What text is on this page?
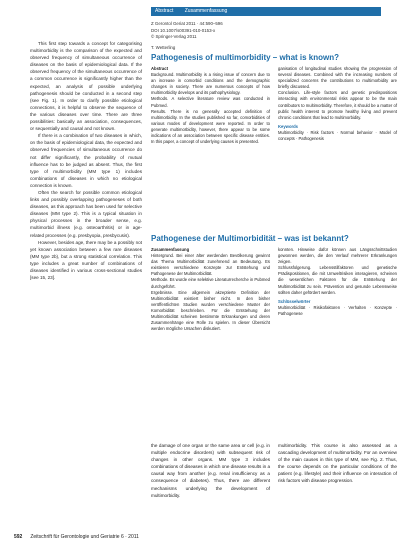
This first step towards a concept for categorising multimorbidity is the comparison of the expected and observed frequency of simultaneous occurrence of diseases on the basis of epidemiological data. If the observed frequency of the simultaneous occurrence of a common occurrence is significantly higher than the expected, an analysis of possible underlying pathogenesis should be conducted in a second step (see Fig. 1). In order to clarify possible etiological connections, it is helpful to observe the sequence of the various diseases over time. There are three possibilities: basically an association, consequences, or sequentially and causal and not known.

If there is a combination of two diseases in which, on the basis of epidemiological data, the expected and observed frequencies of simultaneous occurrence do not differ significantly, the probability of mutual influence has to be judged as absent. Thus, the first type of multimorbidity (MM type 1) includes combinations of diseases in which no etiological connection is known.

Often the search for possible common etiological links and possibly overlapping pathogeneses of both diseases, as this approach has been used for selective diseases (MM type 2). This is a typical situation in physical processes in the broader sense, e.g. multimorbid illness (e.g. osteoarthritis) or in age-related processes (e.g. presbyopia, presbycusis).

However, besides age, there may be a possibly not yet known association between a few rare diseases (MM type 2b), but a strong statistical correlation. This type includes a great number of combinations of diseases identified in various cross-sectional studies [see 15, 23].

Abstract Zusammenfassung
Z Gerontol Geriat 2011 · 44:590–596
DOI 10.1007/s00391-010-0153-x
© Springer-Verlag 2011
T. Wetterling
Pathogenesis of multimorbidity – what is known?

Abstract

Background. Multimorbidity is a rising issue of concern due to an increase in comorbid conditions and the demographic changes in society. There are numerous concepts of how multimorbidity develops and its pathophysiology.

Methods. A selective literature review was conducted in Pubmed.

Results. There is no generally accepted definition of multimorbidity. In the studies published so far, comorbidities of various modes of development were reported. In order to generate multimorbidity, however, there appear to be some indications of an association between specific disease entities. In this paper, a concept of underlying causes is presented.

ganisation of longitudinal studies showing the progression of several diseases. Combined with the increasing numbers of specialized concerns the contributions to multimorbidity are briefly discussed.

Conclusion. Life-style factors and genetic predispositions interacting with environmental risks appear to be the main contributors to multimorbidity. Therefore, it should be a matter of public health interest to promote healthy living and prevent chronic conditions that lead to multimorbidity.

Keywords

Multimorbidity · Risk factors · Normal behavior · Model of concepts · Pathogenesis

Pathogenese der Multimorbidität – was ist bekannt?

Zusammenfassung

Hintergrund. Bei einer älter werdenden Bevölkerung gewinnt das Thema Multimorbidität zunehmend an Bedeutung. Es existieren verschiedene Konzepte zur Entstehung und Pathogenese der Multimorbidität.

Methode. Es wurde eine selektive Literaturrecherche in Pubmed durchgeführt.

Ergebnisse. Eine allgemein akzeptierte Definition der Multimorbidität existiert bisher nicht. In den bisher veröffentlichten Studien wurden verschiedene Muster der Komorbidität beschrieben. Für die Entstehung der Multimorbidität scheinen bestimmte Erkrankungen und deren Zusammenhänge eine Rolle zu spielen. In dieser Übersicht werden mögliche Ursachen diskutiert.

konnten. Hinweise dafür können aus Längsschnittstudien gewonnen werden, die den Verlauf mehrerer Erkrankungen zeigen.

Schlussfolgerung. Lebensstilfaktoren und genetische Prädispositionen, die mit Umweltrisiken interagieren, scheinen die wesentlichen Faktoren für die Entstehung der Multimorbidität zu sein. Prävention und gesunde Lebensweise sollten daher gefördert werden.

Schlüsselwörter

Multimorbidität · Risikofaktoren · Verhalten · Konzepte · Pathogenese

the damage of one organ or the same area or cell (e.g. in multiple endocrine disorders) with subsequent risk of changes in other organs. MM type 3 includes combinations of diseases in which one disease results in a causal way from another (e.g. renal insufficiency as a consequence of diabetes). Thus, there are different mechanisms underlying the development of multimorbidity.

multimorbidity. This course is also assessed as a cascading development of multimorbidity. For an overview of the main causes in this type of MM, see Fig. 2. Thus, the course depends on the particular conditions of the patient (e.g. lifestyle) and their influence on interaction of risk factors with disease progression.

592 Zeitschrift für Gerontologie und Geriatrie 6 · 2011
